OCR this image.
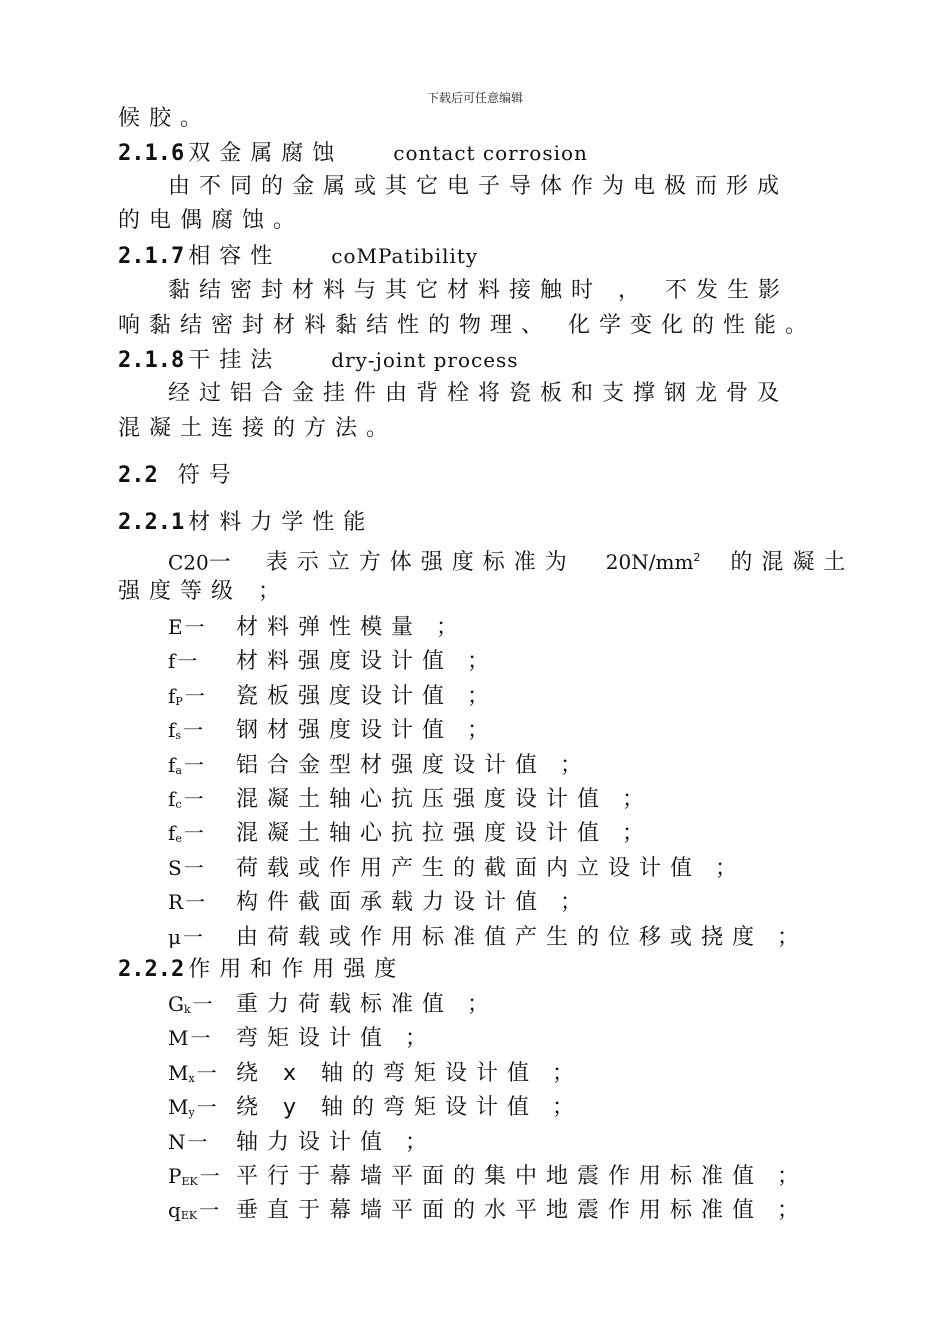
下载后可任意编辑
候胶。
2.1.6 双金属腐蚀	contact corrosion
由不同的金属或其它电子导体作为电极而形成
的电偶腐蚀。
2.1.7 相容性	coMPatibility
黏结密封材料与其它材料接触时 ， 不发生影
响黏结密封材料黏结性的物理、 化学变化的性能。
2.1.8 干挂法	dry-joint process
经过铝合金挂件由背栓将瓷板和支撑钢龙骨及
混凝土连接的方法。
2.2 符号
2.2.1 材料力学性能
C20一 表示立方体强度标准为 $20N/mm^2$ 的混凝土
强度等级 ；
E 一 材料弹性模量 ；
f 一 材料强度设计值 ；
$f_P$ 一 瓷板强度设计值 ；
$f_s$ 一 钢材强度设计值 ；
$f_a$ 一 铝合金型材强度设计值 ；
$f_c$ 一 混凝土轴心抗压强度设计值 ；
$f_e$ 一 混凝土轴心抗拉强度设计值 ；
S 一 荷载或作用产生的截面内立设计值 ；
R 一 构件截面承载力设计值 ；
μ 一 由荷载或作用标准值产生的位移或挠度 ；
2.2.2 作用和作用强度
$G_k$ 一 重力荷载标准值 ；
M 一 弯矩设计值 ；
$M_x$ 一 绕 x 轴的弯矩设计值 ；
$M_y$ 一 绕 y 轴的弯矩设计值 ；
N 一 轴力设计值 ；
$P_{EK}$ 一 平行于幕墙平面的集中地震作用标准值 ；
$q_{EK}$ 一 垂直于幕墙平面的水平地震作用标准值 ；
